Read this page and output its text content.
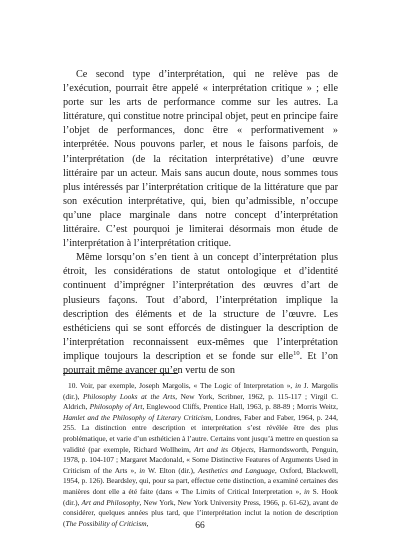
Ce second type d’interprétation, qui ne relève pas de l’exécution, pourrait être appelé « interprétation critique » ; elle porte sur les arts de performance comme sur les autres. La littérature, qui constitue notre principal objet, peut en principe faire l’objet de performances, donc être « performativement » interprétée. Nous pouvons parler, et nous le faisons parfois, de l’interprétation (de la récitation interprétative) d’une œuvre littéraire par un acteur. Mais sans aucun doute, nous sommes tous plus intéressés par l’interprétation critique de la littérature que par son exécution interprétative, qui, bien qu’admissible, n’occupe qu’une place marginale dans notre concept d’interprétation littéraire. C’est pourquoi je limiterai désormais mon étude de l’interprétation à l’interprétation critique.

Même lorsqu’on s’en tient à un concept d’interprétation plus étroit, les considérations de statut ontologique et d’identité continuent d’imprégner l’interprétation des œuvres d’art de plusieurs façons. Tout d’abord, l’interprétation implique la description des éléments et de la structure de l’œuvre. Les esthéticiens qui se sont efforcés de distinguer la description de l’interprétation reconnaissent eux-mêmes que l’interprétation implique toujours la description et se fonde sur elle$^{10}$. Et l’on pourrait même avancer qu’en vertu de son

10. Voir, par exemple, Joseph Margolis, « The Logic of Interpretation », in J. Margolis (dir.), Philosophy Looks at the Arts, New York, Scribner, 1962, p. 115-117 ; Virgil C. Aldrich, Philosophy of Art, Englewood Cliffs, Prentice Hall, 1963, p. 88-89 ; Morris Weitz, Hamlet and the Philosophy of Literary Criticism, Londres, Faber and Faber, 1964, p. 244, 255. La distinction entre description et interprétation s’est révélée être des plus problématique, et varie d’un esthéticien à l’autre. Certains vont jusqu’à mettre en question sa validité (par exemple, Richard Wollheim, Art and its Objects, Harmondsworth, Penguin, 1978, p. 104-107 ; Margaret Macdonald, « Some Distinctive Features of Arguments Used in Criticism of the Arts », in W. Elton (dir.), Aesthetics and Language, Oxford, Blackwell, 1954, p. 126). Beardsley, qui, pour sa part, effectue cette distinction, a examiné certaines des manières dont elle a été faite (dans « The Limits of Critical Interpretation », in S. Hook (dir.), Art and Philosophy, New York, New York University Press, 1966, p. 61-62), avant de considérer, quelques années plus tard, que l’interprétation inclut la notion de description (The Possibility of Criticism,	66
